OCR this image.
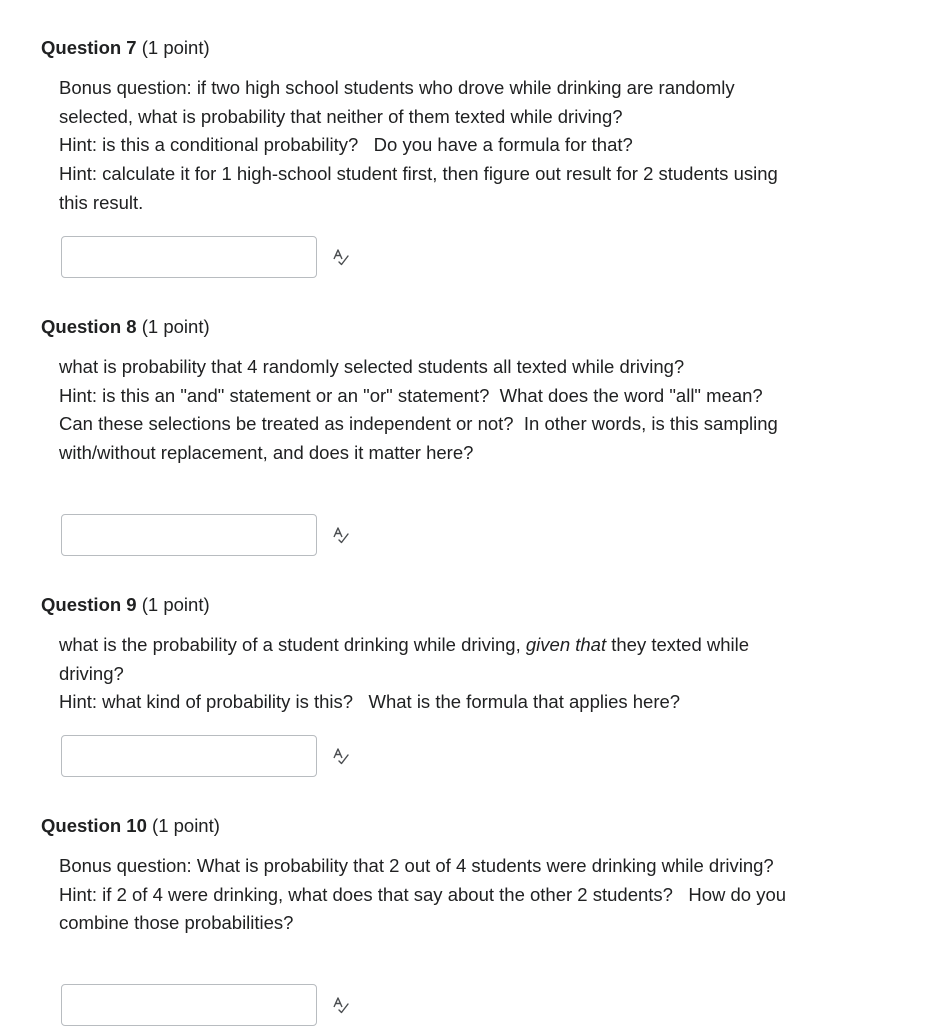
Question 7 (1 point)

Bonus question: if two high school students who drove while drinking are randomly selected, what is probability that neither of them texted while driving?

Hint: is this a conditional probability?   Do you have a formula for that?

Hint: calculate it for 1 high-school student first, then figure out result for 2 students using this result.

Question 8 (1 point)

what is probability that 4 randomly selected students all texted while driving?

Hint: is this an "and" statement or an "or" statement?  What does the word "all" mean?

Can these selections be treated as independent or not?  In other words, is this sampling with/without replacement, and does it matter here?

Question 9 (1 point)

what is the probability of a student drinking while driving, given that they texted while driving?

Hint: what kind of probability is this?   What is the formula that applies here?

Question 10 (1 point)

Bonus question: What is probability that 2 out of 4 students were drinking while driving?

Hint: if 2 of 4 were drinking, what does that say about the other 2 students?   How do you combine those probabilities?
